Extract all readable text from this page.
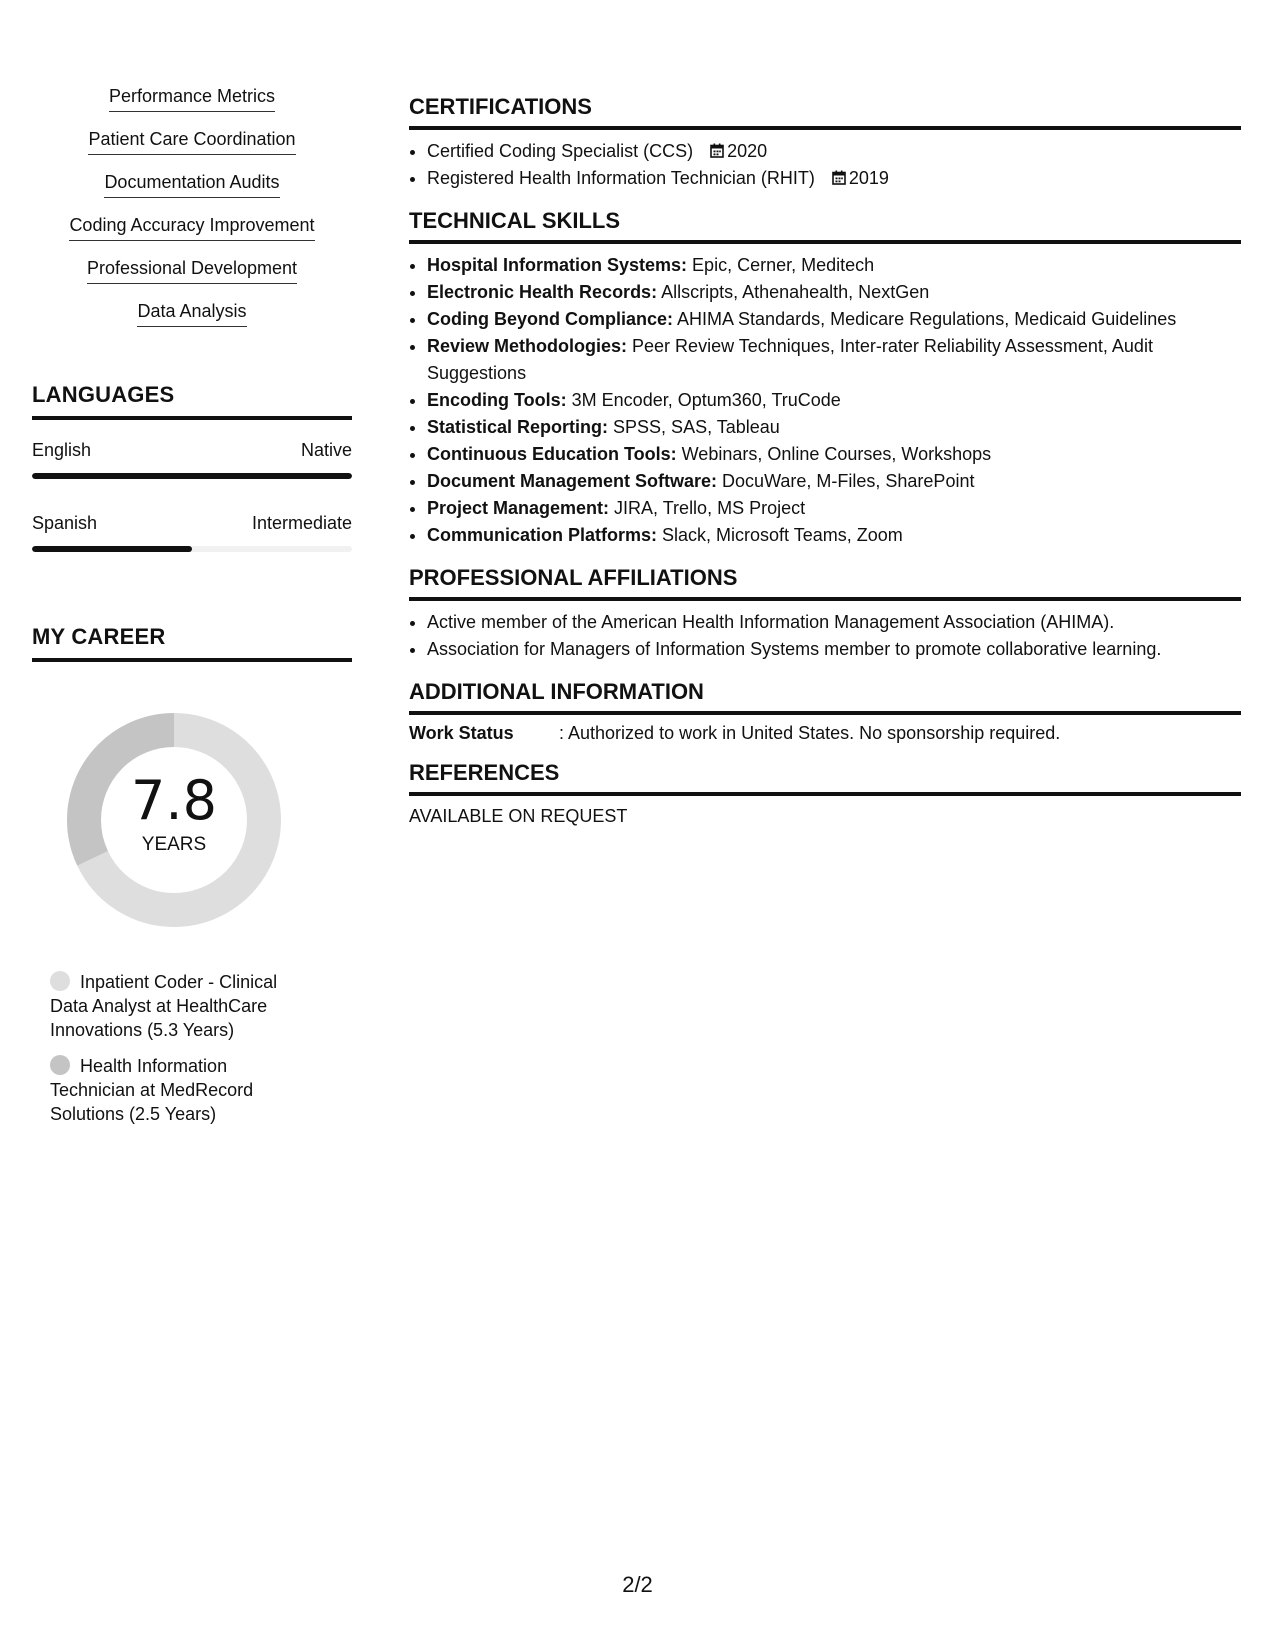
Performance Metrics
Patient Care Coordination
Documentation Audits
Coding Accuracy Improvement
Professional Development
Data Analysis
LANGUAGES
English	Native
Spanish	Intermediate
MY CAREER
7.8
YEARS
Inpatient Coder - Clinical Data Analyst at HealthCare Innovations (5.3 Years)
Health Information Technician at MedRecord Solutions (2.5 Years)
CERTIFICATIONS
• Certified Coding Specialist (CCS) 2020
• Registered Health Information Technician (RHIT) 2019
TECHNICAL SKILLS
• Hospital Information Systems: Epic, Cerner, Meditech
• Electronic Health Records: Allscripts, Athenahealth, NextGen
• Coding Beyond Compliance: AHIMA Standards, Medicare Regulations, Medicaid Guidelines
• Review Methodologies: Peer Review Techniques, Inter-rater Reliability Assessment, Audit Suggestions
• Encoding Tools: 3M Encoder, Optum360, TruCode
• Statistical Reporting: SPSS, SAS, Tableau
• Continuous Education Tools: Webinars, Online Courses, Workshops
• Document Management Software: DocuWare, M-Files, SharePoint
• Project Management: JIRA, Trello, MS Project
• Communication Platforms: Slack, Microsoft Teams, Zoom
PROFESSIONAL AFFILIATIONS
• Active member of the American Health Information Management Association (AHIMA).
• Association for Managers of Information Systems member to promote collaborative learning.
ADDITIONAL INFORMATION
Work Status	: Authorized to work in United States. No sponsorship required.
REFERENCES
AVAILABLE ON REQUEST
2/2
